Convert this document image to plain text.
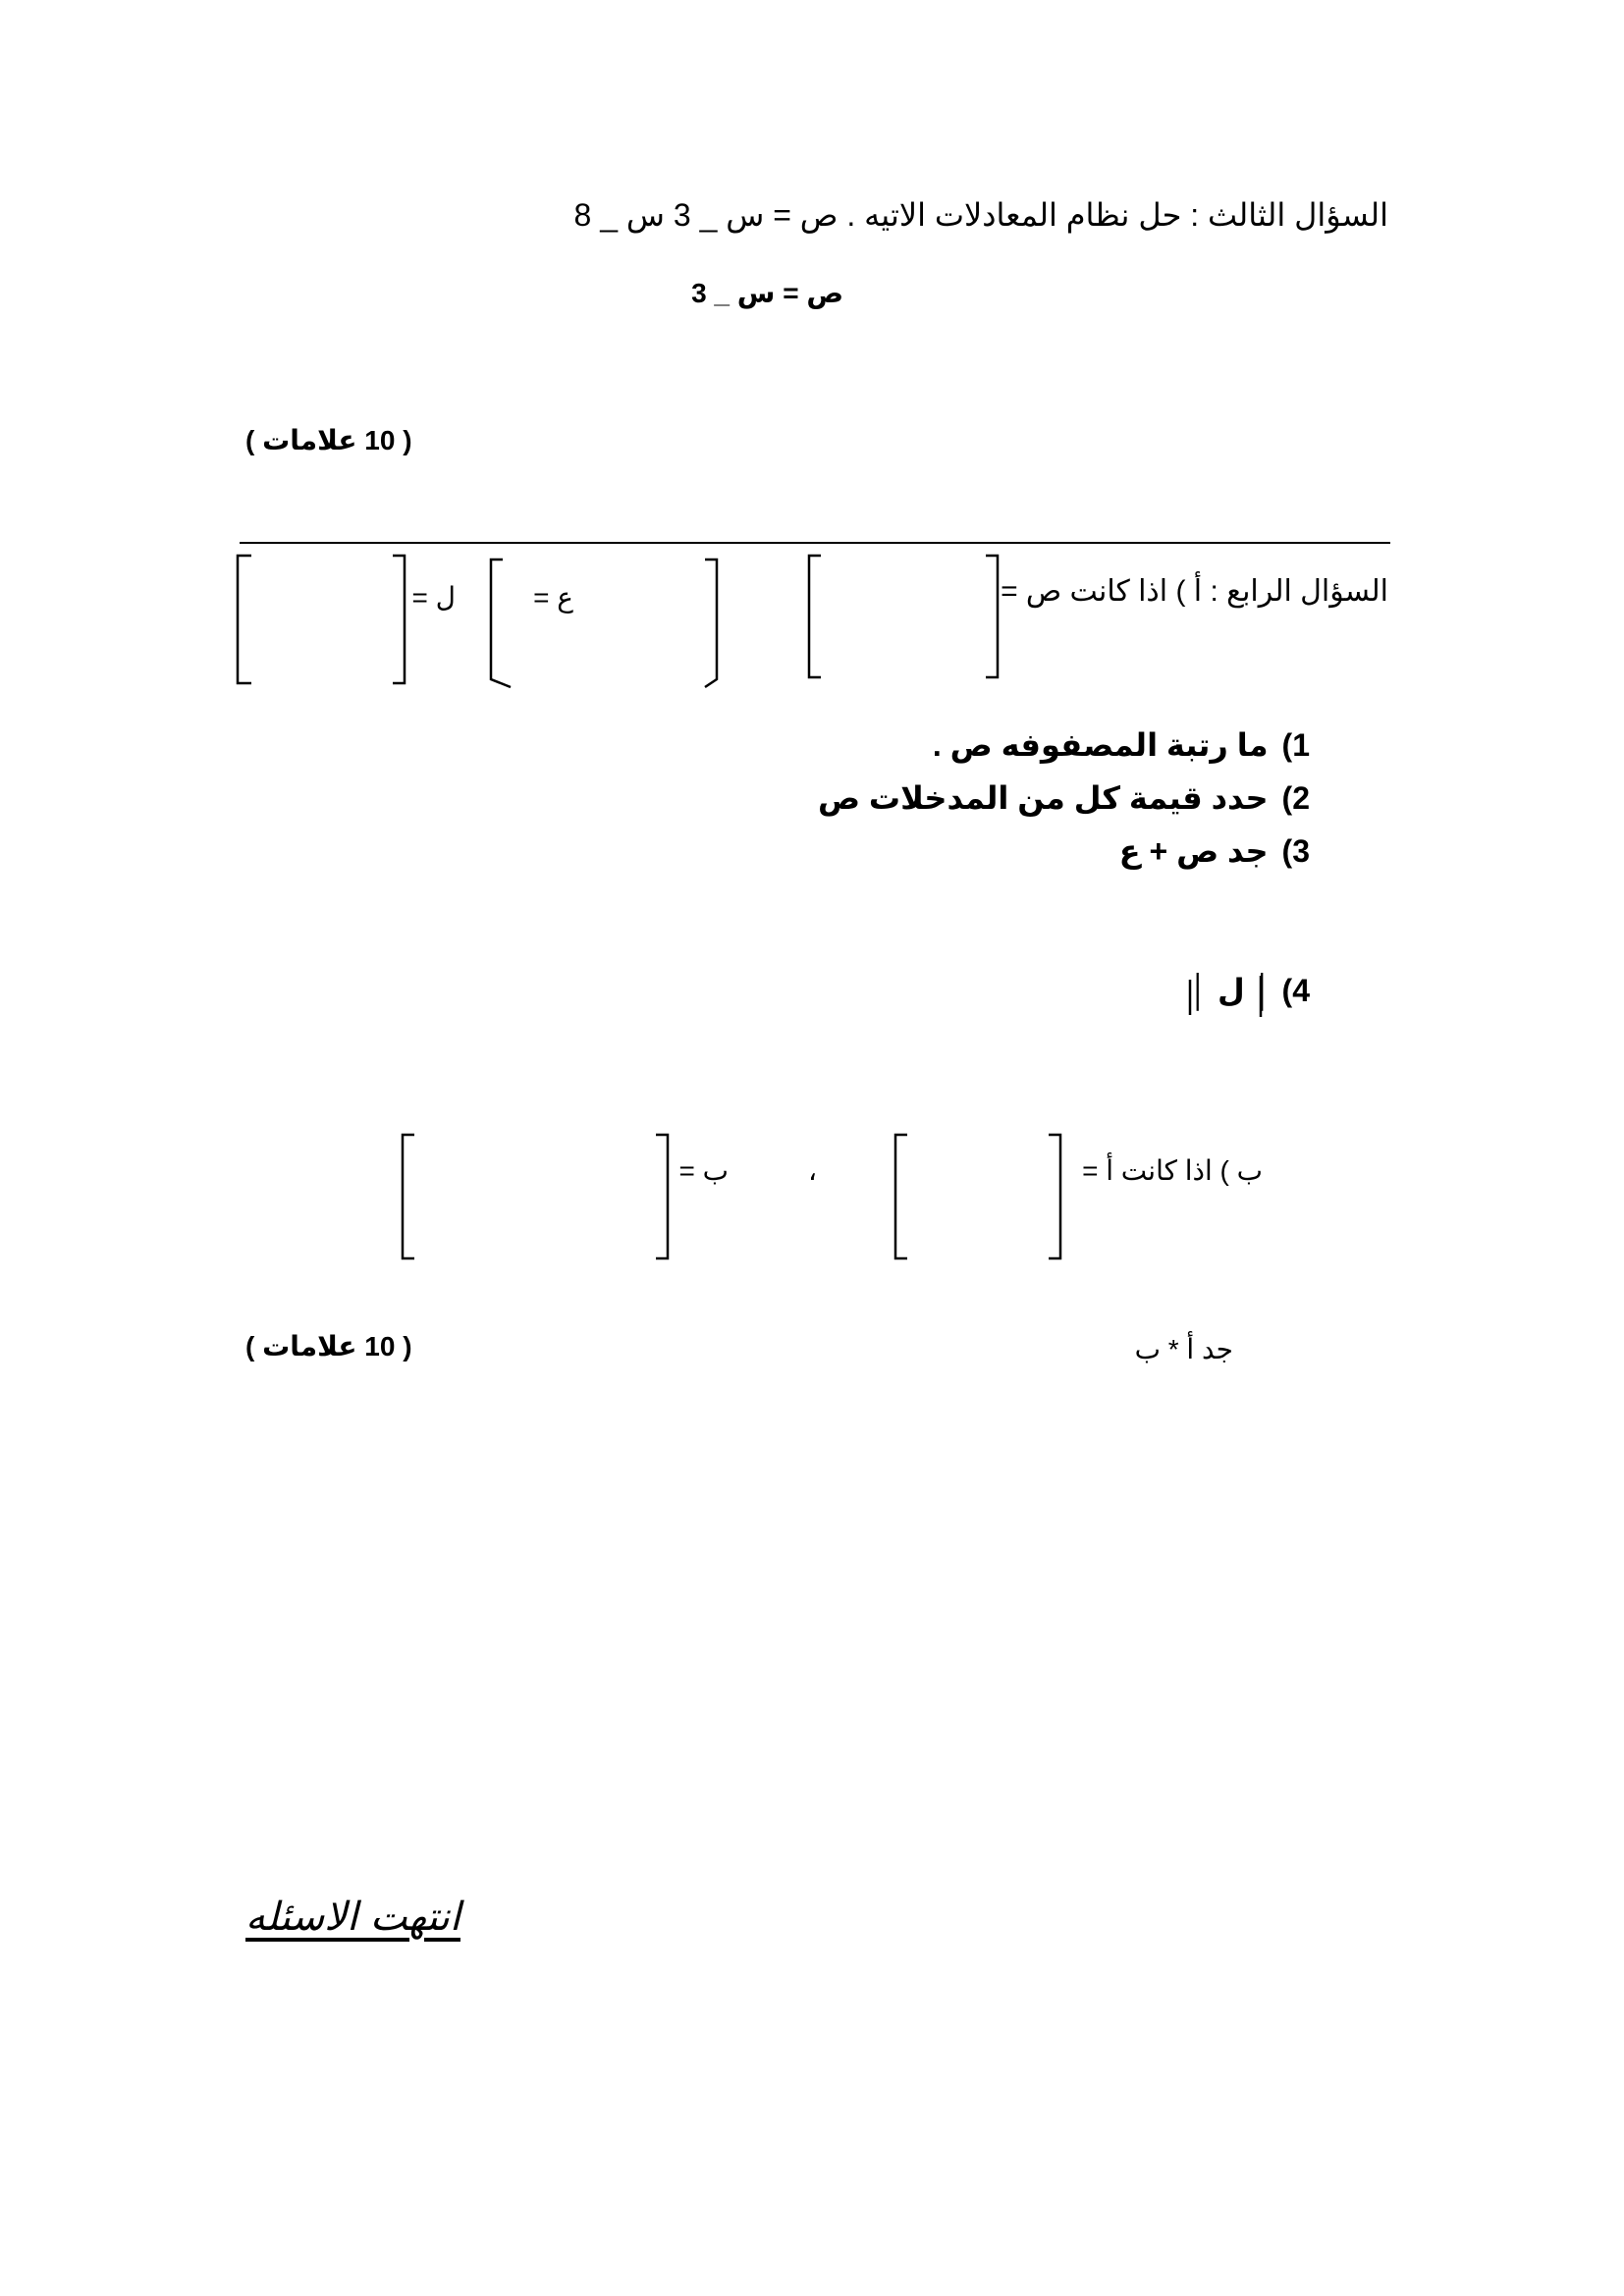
السؤال الثالث : حل نظام المعادلات الاتيه . ص = س _ 3 س _ 8
ص = س _ 3
( 10 علامات )
السؤال الرابع : أ ) اذا كانت ص =
ع =
ل =
1)ما رتبة المصفوفه ص .
2)حدد قيمة كل من المدخلات ص
3)جد ص + ع
4) │ ل │
ب ) اذا كانت أ =
،
ب =
جد أ * ب
( 10 علامات )
انتهت الاسئله
